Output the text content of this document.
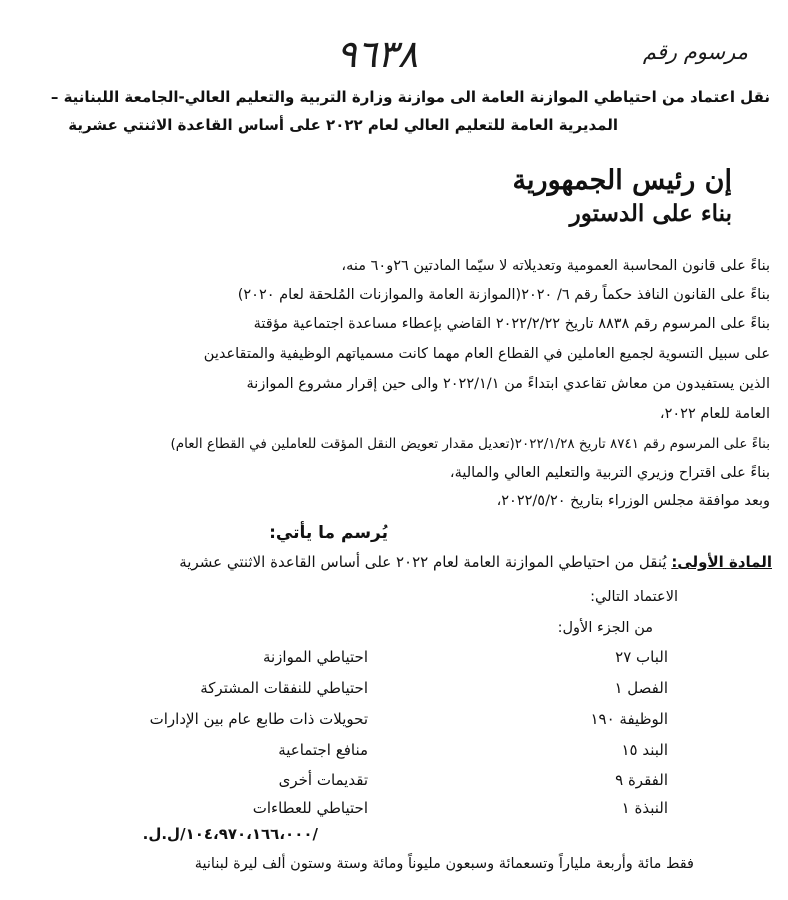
٩٦٣٨	مرسوم رقم
نقل اعتماد من احتياطي الموازنة العامة الى موازنة وزارة التربية والتعليم العالي-الجامعة اللبنانية –
المديرية العامة للتعليم العالي لعام ٢٠٢٢ على أساس القاعدة الاثنتي عشرية
إن رئيس الجمهورية
بناء على الدستور
بناءً على قانون المحاسبة العمومية وتعديلاته لا سيّما المادتين ٢٦و٦٠ منه،
بناءً على القانون النافذ حكماً رقم ٦/ ٢٠٢٠(الموازنة العامة والموازنات المُلحقة لعام ٢٠٢٠)
بناءً على المرسوم رقم ٨٨٣٨ تاريخ ٢٠٢٢/٢/٢٢ القاضي بإعطاء مساعدة اجتماعية مؤقتة
على سبيل التسوية لجميع العاملين في القطاع العام مهما كانت مسمياتهم الوظيفية والمتقاعدين
الذين يستفيدون من معاش تقاعدي ابتداءً من ٢٠٢٢/١/١ والى حين إقرار مشروع الموازنة
العامة للعام ٢٠٢٢،
بناءً على المرسوم رقم ٨٧٤١ تاريخ ٢٠٢٢/١/٢٨(تعديل مقدار تعويض النقل المؤقت للعاملين في القطاع العام)
بناءً على اقتراح وزيري التربية والتعليم العالي والمالية،
وبعد موافقة مجلس الوزراء بتاريخ ٢٠٢٢/٥/٢٠،
يُرسم ما يأتي:
المادة الأولى: يُنقل من احتياطي الموازنة العامة لعام ٢٠٢٢ على أساس القاعدة الاثنتي عشرية
الاعتماد التالي:
من الجزء الأول:
الباب ٢٧
احتياطي الموازنة
الفصل ١
احتياطي للنفقات المشتركة
الوظيفة ١٩٠
تحويلات ذات طابع عام بين الإدارات
البند ١٥
منافع اجتماعية
الفقرة ٩
تقديمات أخرى
النبذة ١
احتياطي للعطاءات
/١٠٤،٩٧٠،١٦٦،٠٠٠/ل.ل.
فقط مائة وأربعة ملياراً وتسعمائة وسبعون مليوناً ومائة وستة وستون ألف ليرة لبنانية
